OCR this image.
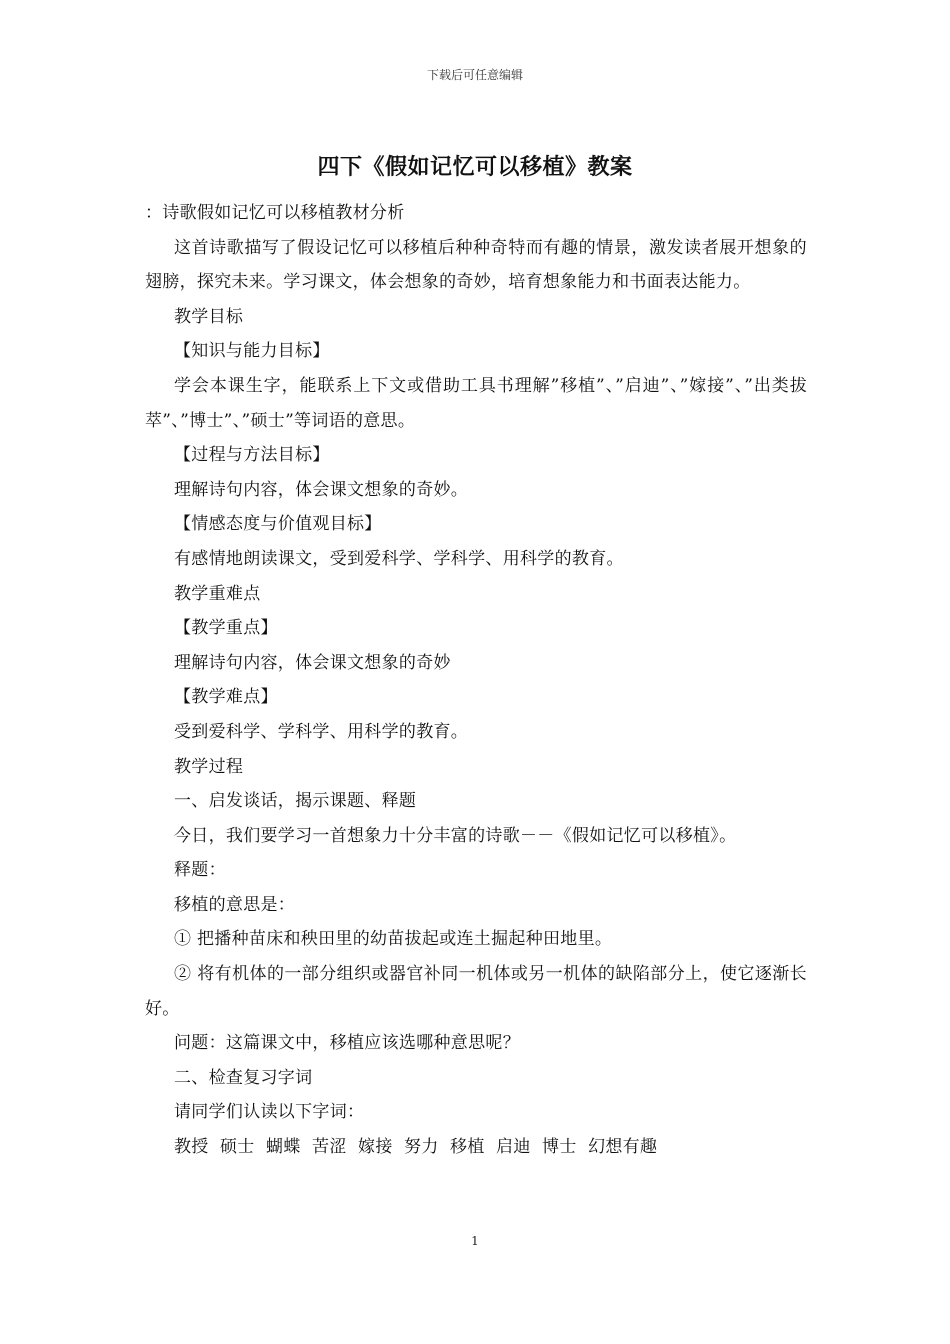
下载后可任意编辑
四下《假如记忆可以移植》教案

：诗歌假如记忆可以移植教材分析

这首诗歌描写了假设记忆可以移植后种种奇特而有趣的情景，激发读者展开想象的翅膀，探究未来。学习课文，体会想象的奇妙，培育想象能力和书面表达能力。

教学目标

【知识与能力目标】

学会本课生字，能联系上下文或借助工具书理解”移植”、”启迪”、”嫁接”、”出类拔萃”、”博士”、”硕士”等词语的意思。

【过程与方法目标】

理解诗句内容，体会课文想象的奇妙。

【情感态度与价值观目标】

有感情地朗读课文，受到爱科学、学科学、用科学的教育。

教学重难点

【教学重点】

理解诗句内容，体会课文想象的奇妙

【教学难点】

受到爱科学、学科学、用科学的教育。

教学过程

一、启发谈话，揭示课题、释题

今日，我们要学习一首想象力十分丰富的诗歌－－《假如记忆可以移植》。

释题：

移植的意思是：

① 把播种苗床和秧田里的幼苗拔起或连土掘起种田地里。

② 将有机体的一部分组织或器官补同一机体或另一机体的缺陷部分上，使它逐渐长好。

问题：这篇课文中，移植应该选哪种意思呢？

二、检查复习字词

请同学们认读以下字词：

教授  硕士  蝴蝶  苦涩  嫁接  努力  移植  启迪  博士  幻想有趣

1
